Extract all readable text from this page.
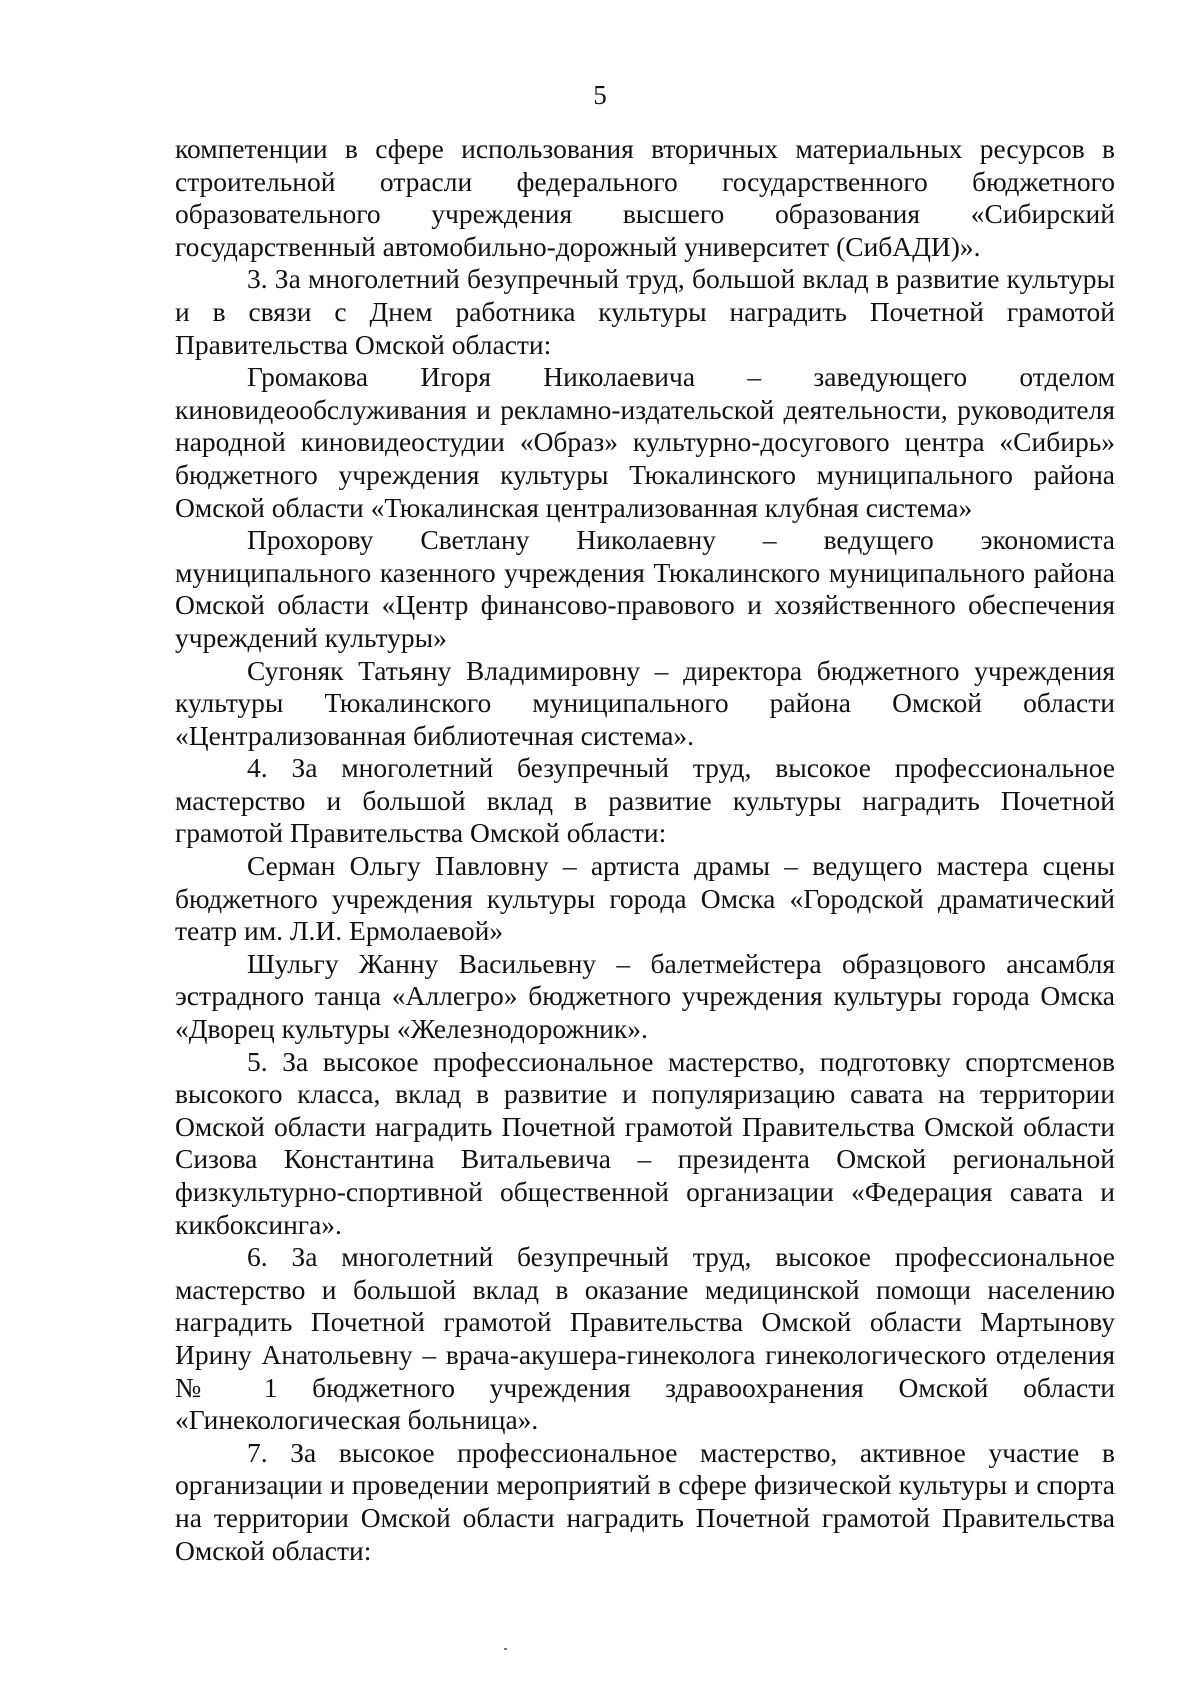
5

компетенции в сфере использования вторичных материальных ресурсов в строительной отрасли федерального государственного бюджетного образовательного учреждения высшего образования «Сибирский государственный автомобильно-дорожный университет (СибАДИ)».

3. За многолетний безупречный труд, большой вклад в развитие культуры и в связи с Днем работника культуры наградить Почетной грамотой Правительства Омской области:

Громакова Игоря Николаевича – заведующего отделом киновидеообслуживания и рекламно-издательской деятельности, руководителя народной киновидеостудии «Образ» культурно-досугового центра «Сибирь» бюджетного учреждения культуры Тюкалинского муниципального района Омской области «Тюкалинская централизованная клубная система»

Прохорову Светлану Николаевну – ведущего экономиста муниципального казенного учреждения Тюкалинского муниципального района Омской области «Центр финансово-правового и хозяйственного обеспечения учреждений культуры»

Сугоняк Татьяну Владимировну – директора бюджетного учреждения культуры Тюкалинского муниципального района Омской области «Централизованная библиотечная система».

4. За многолетний безупречный труд, высокое профессиональное мастерство и большой вклад в развитие культуры наградить Почетной грамотой Правительства Омской области:

Серман Ольгу Павловну – артиста драмы – ведущего мастера сцены бюджетного учреждения культуры города Омска «Городской драматический театр им. Л.И. Ермолаевой»

Шульгу Жанну Васильевну – балетмейстера образцового ансамбля эстрадного танца «Аллегро» бюджетного учреждения культуры города Омска «Дворец культуры «Железнодорожник».

5. За высокое профессиональное мастерство, подготовку спортсменов высокого класса, вклад в развитие и популяризацию савата на территории Омской области наградить Почетной грамотой Правительства Омской области Сизова Константина Витальевича – президента Омской региональной физкультурно-спортивной общественной организации «Федерация савата и кикбоксинга».

6. За многолетний безупречный труд, высокое профессиональное мастерство и большой вклад в оказание медицинской помощи населению наградить Почетной грамотой Правительства Омской области Мартынову Ирину Анатольевну – врача-акушера-гинеколога гинекологического отделения № 1 бюджетного учреждения здравоохранения Омской области «Гинекологическая больница».

7. За высокое профессиональное мастерство, активное участие в организации и проведении мероприятий в сфере физической культуры и спорта на территории Омской области наградить Почетной грамотой Правительства Омской области:
